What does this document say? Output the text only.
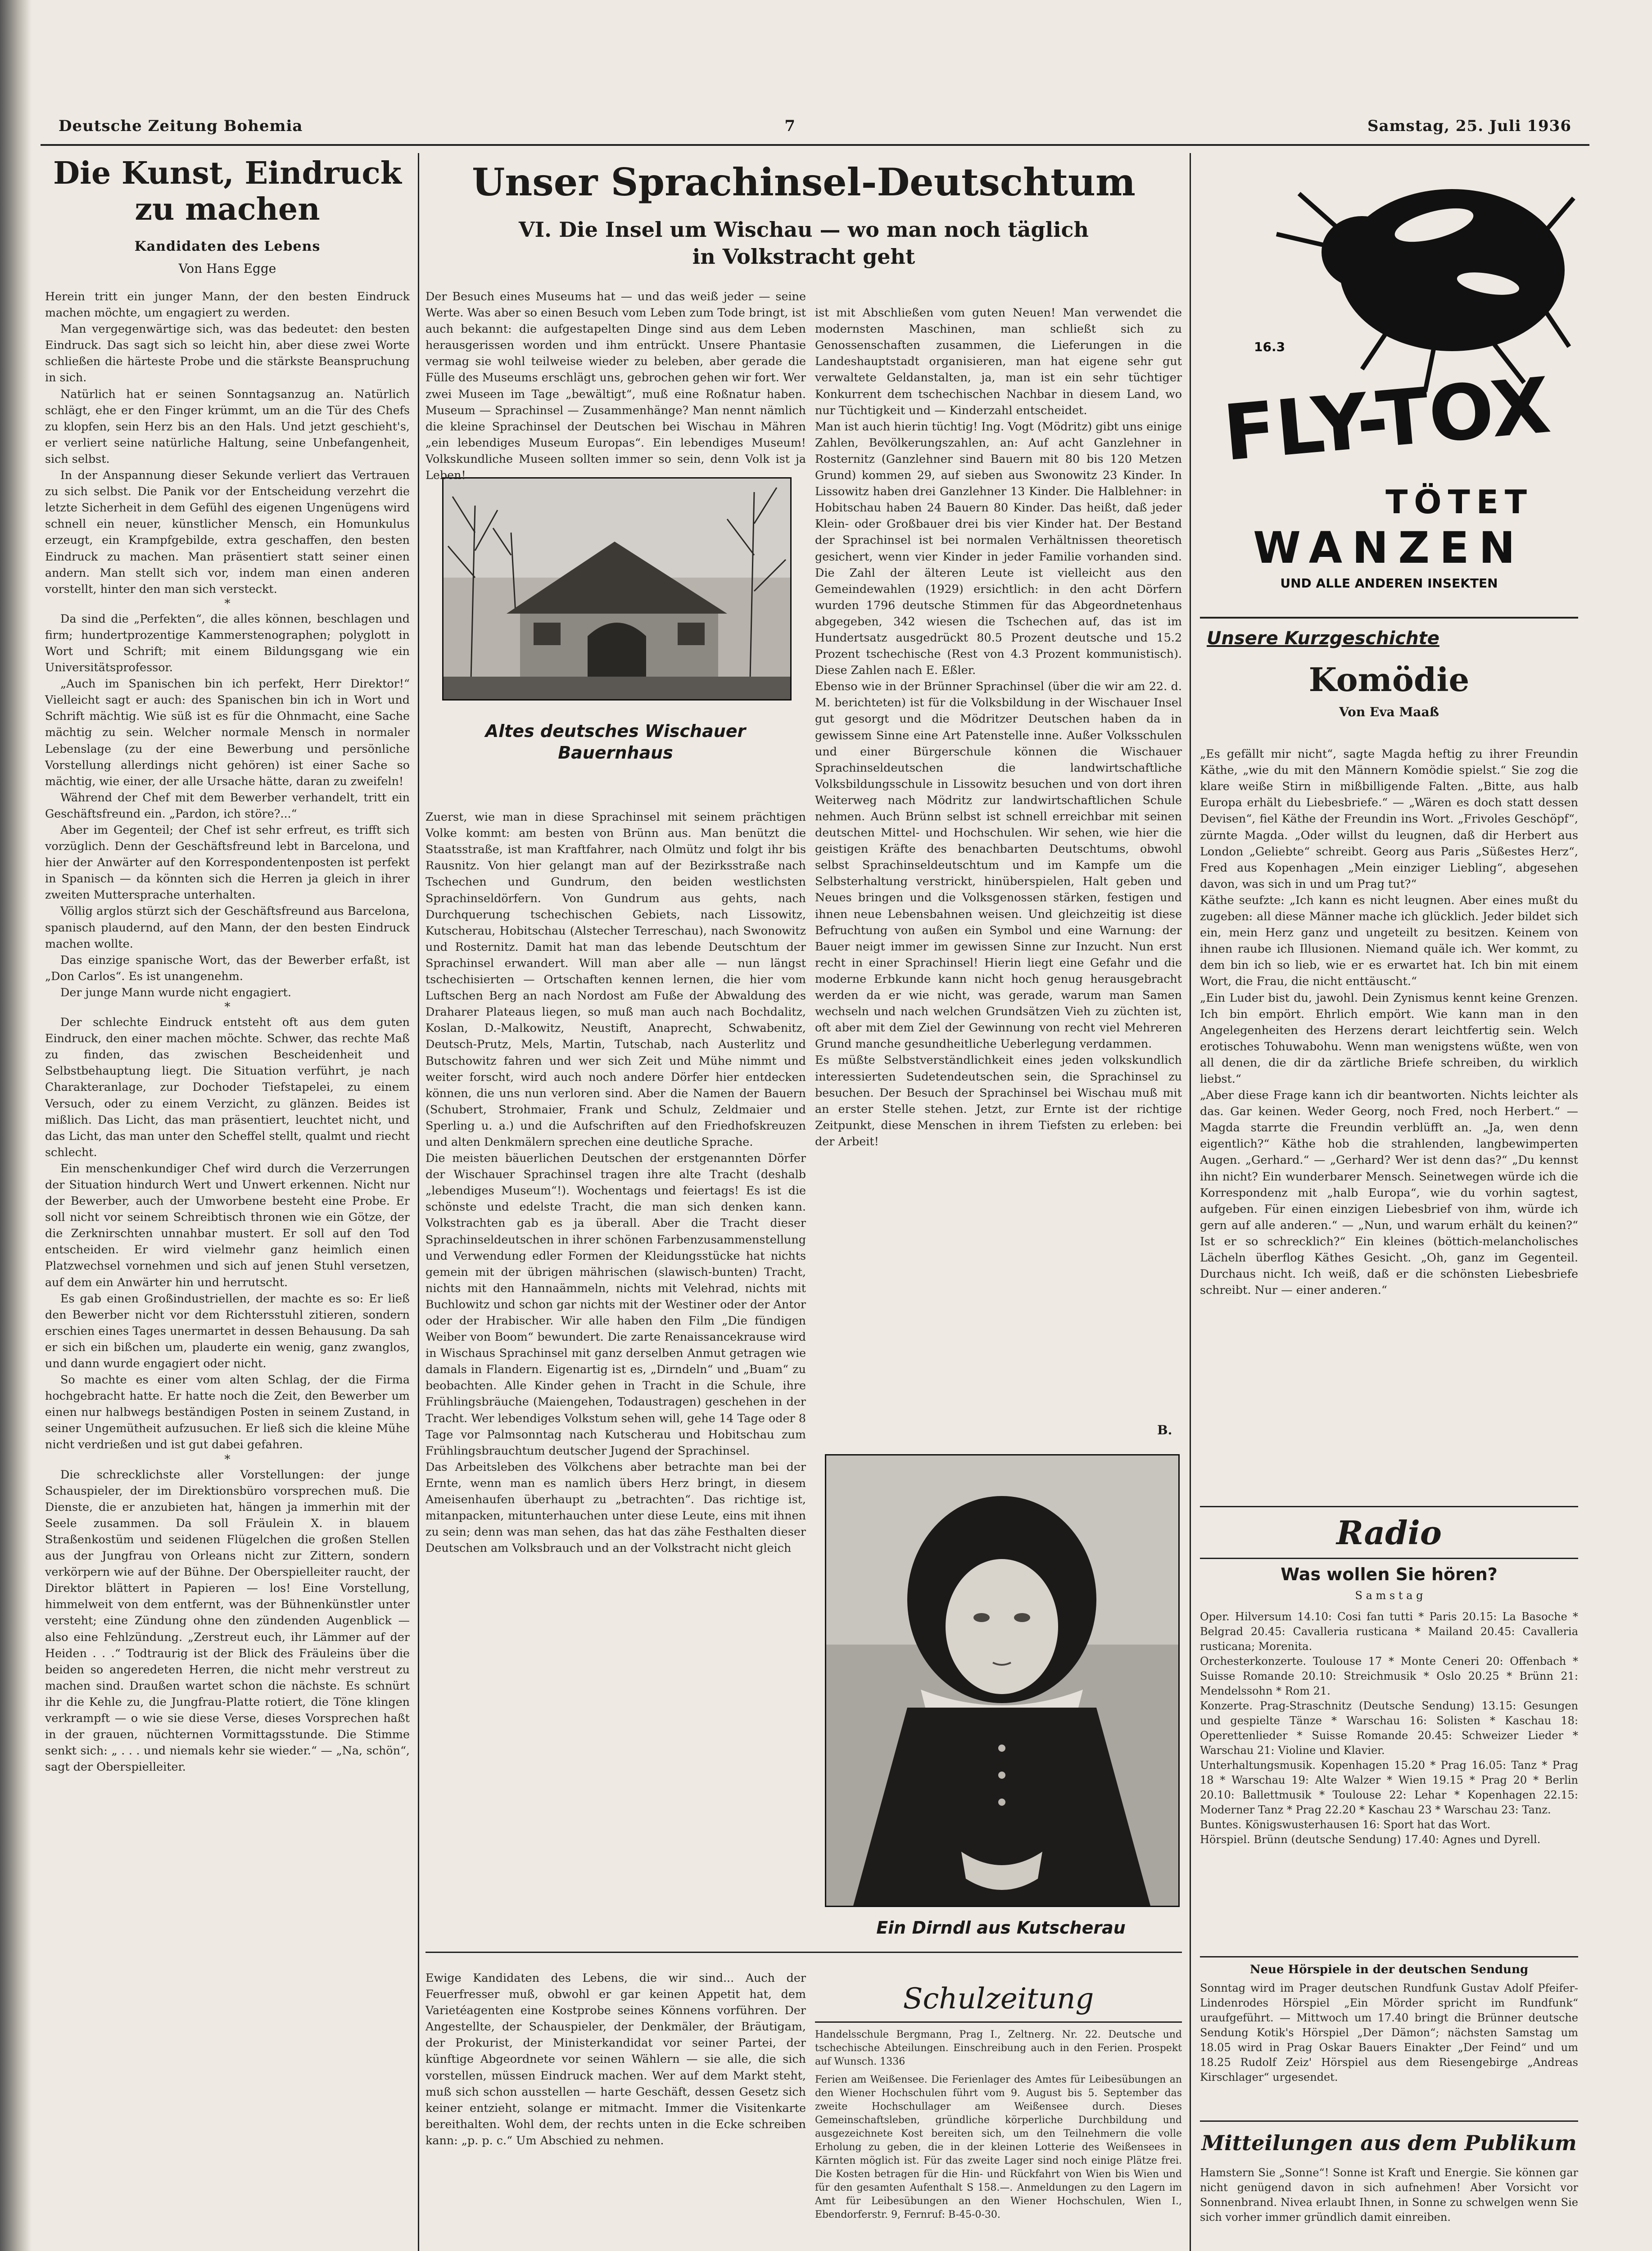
Deutsche Zeitung Bohemia	7	Samstag, 25. Juli 1936
Die Kunst, Eindruck
zu machen
Kandidaten des Lebens
Von Hans Egge

Herein tritt ein junger Mann, der den besten Eindruck machen möchte, um engagiert zu werden.

Man vergegenwärtige sich, was das bedeutet: den besten Eindruck. Das sagt sich so leicht hin, aber diese zwei Worte schließen die härteste Probe und die stärkste Beanspruchung in sich.

Natürlich hat er seinen Sonntagsanzug an. Natürlich schlägt, ehe er den Finger krümmt, um an die Tür des Chefs zu klopfen, sein Herz bis an den Hals. Und jetzt geschieht's, er verliert seine natürliche Haltung, seine Unbefangenheit, sich selbst.

In der Anspannung dieser Sekunde verliert das Vertrauen zu sich selbst. Die Panik vor der Entscheidung verzehrt die letzte Sicherheit in dem Gefühl des eigenen Ungenügens wird schnell ein neuer, künstlicher Mensch, ein Homunkulus erzeugt, ein Krampfgebilde, extra geschaffen, den besten Eindruck zu machen. Man präsentiert statt seiner einen andern. Man stellt sich vor, indem man einen anderen vorstellt, hinter den man sich versteckt.

*

Da sind die „Perfekten“, die alles können, beschlagen und firm; hundertprozentige Kammerstenographen; polyglott in Wort und Schrift; mit einem Bildungsgang wie ein Universitätsprofessor.

„Auch im Spanischen bin ich perfekt, Herr Direktor!“ Vielleicht sagt er auch: des Spanischen bin ich in Wort und Schrift mächtig. Wie süß ist es für die Ohnmacht, eine Sache mächtig zu sein. Welcher normale Mensch in normaler Lebenslage (zu der eine Bewerbung und persönliche Vorstellung allerdings nicht gehören) ist einer Sache so mächtig, wie einer, der alle Ursache hätte, daran zu zweifeln!

Während der Chef mit dem Bewerber verhandelt, tritt ein Geschäftsfreund ein. „Pardon, ich störe?...“

Aber im Gegenteil; der Chef ist sehr erfreut, es trifft sich vorzüglich. Denn der Geschäftsfreund lebt in Barcelona, und hier der Anwärter auf den Korrespondentenposten ist perfekt in Spanisch — da könnten sich die Herren ja gleich in ihrer zweiten Muttersprache unterhalten.

Völlig arglos stürzt sich der Geschäftsfreund aus Barcelona, spanisch plaudernd, auf den Mann, der den besten Eindruck machen wollte.

Das einzige spanische Wort, das der Bewerber erfaßt, ist „Don Carlos“. Es ist unangenehm.

Der junge Mann wurde nicht engagiert.

*

Der schlechte Eindruck entsteht oft aus dem guten Eindruck, den einer machen möchte. Schwer, das rechte Maß zu finden, das zwischen Bescheidenheit und Selbstbehauptung liegt. Die Situation verführt, je nach Charakteranlage, zur Dochoder Tiefstapelei, zu einem Versuch, oder zu einem Verzicht, zu glänzen. Beides ist mißlich. Das Licht, das man präsentiert, leuchtet nicht, und das Licht, das man unter den Scheffel stellt, qualmt und riecht schlecht.

Ein menschenkundiger Chef wird durch die Verzerrungen der Situation hindurch Wert und Unwert erkennen. Nicht nur der Bewerber, auch der Umworbene besteht eine Probe. Er soll nicht vor seinem Schreibtisch thronen wie ein Götze, der die Zerknirschten unnahbar mustert. Er soll auf den Tod entscheiden. Er wird vielmehr ganz heimlich einen Platzwechsel vornehmen und sich auf jenen Stuhl versetzen, auf dem ein Anwärter hin und herrutscht.

Es gab einen Großindustriellen, der machte es so: Er ließ den Bewerber nicht vor dem Richtersstuhl zitieren, sondern erschien eines Tages unermartet in dessen Behausung. Da sah er sich ein bißchen um, plauderte ein wenig, ganz zwanglos, und dann wurde engagiert oder nicht.

So machte es einer vom alten Schlag, der die Firma hochgebracht hatte. Er hatte noch die Zeit, den Bewerber um einen nur halbwegs beständigen Posten in seinem Zustand, in seiner Ungemütheit aufzusuchen. Er ließ sich die kleine Mühe nicht verdrießen und ist gut dabei gefahren.

*

Die schrecklichste aller Vorstellungen: der junge Schauspieler, der im Direktionsbüro vorsprechen muß. Die Dienste, die er anzubieten hat, hängen ja immerhin mit der Seele zusammen. Da soll Fräulein X. in blauem Straßenkostüm und seidenen Flügelchen die großen Stellen aus der Jungfrau von Orleans nicht zur Zittern, sondern verkörpern wie auf der Bühne. Der Oberspielleiter raucht, der Direktor blättert in Papieren — los! Eine Vorstellung, himmelweit von dem entfernt, was der Bühnenkünstler unter versteht; eine Zündung ohne den zündenden Augenblick — also eine Fehlzündung. „Zerstreut euch, ihr Lämmer auf der Heiden . . .“ Todtraurig ist der Blick des Fräuleins über die beiden so angeredeten Herren, die nicht mehr verstreut zu machen sind. Draußen wartet schon die nächste. Es schnürt ihr die Kehle zu, die Jungfrau-Platte rotiert, die Töne klingen verkrampft — o wie sie diese Verse, dieses Vorsprechen haßt in der grauen, nüchternen Vormittagsstunde. Die Stimme senkt sich: „ . . . und niemals kehr sie wieder.“ — „Na, schön“, sagt der Oberspielleiter.

Unser Sprachinsel-Deutschtum
VI. Die Insel um Wischau — wo man noch täglich
in Volkstracht geht
Altes deutsches Wischauer
Bauernhaus

Der Besuch eines Museums hat — und das weiß jeder — seine Werte. Was aber so einen Besuch vom Leben zum Tode bringt, ist auch bekannt: die aufgestapelten Dinge sind aus dem Leben herausgerissen worden und ihm entrückt. Unsere Phantasie vermag sie wohl teilweise wieder zu beleben, aber gerade die Fülle des Museums erschlägt uns, gebrochen gehen wir fort. Wer zwei Museen im Tage „bewältigt“, muß eine Roßnatur haben. Museum — Sprachinsel — Zusammenhänge? Man nennt nämlich die kleine Sprachinsel der Deutschen bei Wischau in Mähren „ein lebendiges Museum Europas“. Ein lebendiges Museum! Volkskundliche Museen sollten immer so sein, denn Volk ist ja Leben!

Zuerst, wie man in diese Sprachinsel mit seinem prächtigen Volke kommt: am besten von Brünn aus. Man benützt die Staatsstraße, ist man Kraftfahrer, nach Olmütz und folgt ihr bis Rausnitz. Von hier gelangt man auf der Bezirksstraße nach Tschechen und Gundrum, den beiden westlichsten Sprachinseldörfern. Von Gundrum aus gehts, nach Durchquerung tschechischen Gebiets, nach Lissowitz, Kutscherau, Hobitschau (Alstecher Terreschau), nach Swonowitz und Rosternitz. Damit hat man das lebende Deutschtum der Sprachinsel erwandert. Will man aber alle — nun längst tschechisierten — Ortschaften kennen lernen, die hier vom Luftschen Berg an nach Nordost am Fuße der Abwaldung des Draharer Plateaus liegen, so muß man auch nach Bochdalitz, Koslan, D.-Malkowitz, Neustift, Anaprecht, Schwabenitz, Deutsch-Prutz, Mels, Martin, Tutschab, nach Austerlitz und Butschowitz fahren und wer sich Zeit und Mühe nimmt und weiter forscht, wird auch noch andere Dörfer hier entdecken können, die uns nun verloren sind. Aber die Namen der Bauern (Schubert, Strohmaier, Frank und Schulz, Zeldmaier und Sperling u. a.) und die Aufschriften auf den Friedhofskreuzen und alten Denkmälern sprechen eine deutliche Sprache.
Die meisten bäuerlichen Deutschen der erstgenannten Dörfer der Wischauer Sprachinsel tragen ihre alte Tracht (deshalb „lebendiges Museum“!). Wochentags und feiertags! Es ist die schönste und edelste Tracht, die man sich denken kann. Volkstrachten gab es ja überall. Aber die Tracht dieser Sprachinseldeutschen in ihrer schönen Farbenzusammenstellung und Verwendung edler Formen der Kleidungsstücke hat nichts gemein mit der übrigen mährischen (slawisch-bunten) Tracht, nichts mit den Hannaämmeln, nichts mit Velehrad, nichts mit Buchlowitz und schon gar nichts mit der Westiner oder der Antor oder der Hrabischer. Wir alle haben den Film „Die fündigen Weiber von Boom“ bewundert. Die zarte Renaissancekrause wird in Wischaus Sprachinsel mit ganz derselben Anmut getragen wie damals in Flandern. Eigenartig ist es, „Dirndeln“ und „Buam“ zu beobachten. Alle Kinder gehen in Tracht in die Schule, ihre Frühlingsbräuche (Maiengehen, Todaustragen) geschehen in der Tracht. Wer lebendiges Volkstum sehen will, gehe 14 Tage oder 8 Tage vor Palmsonntag nach Kutscherau und Hobitschau zum Frühlingsbrauchtum deutscher Jugend der Sprachinsel.
Das Arbeitsleben des Völkchens aber betrachte man bei der Ernte, wenn man es namlich übers Herz bringt, in diesem Ameisenhaufen überhaupt zu „betrachten“. Das richtige ist, mitanpacken, mitunterhauchen unter diese Leute, eins mit ihnen zu sein; denn was man sehen, das hat das zähe Festhalten dieser Deutschen am Volksbrauch und an der Volkstracht nicht gleich

ist mit Abschließen vom guten Neuen! Man verwendet die modernsten Maschinen, man schließt sich zu Genossenschaften zusammen, die Lieferungen in die Landeshauptstadt organisieren, man hat eigene sehr gut verwaltete Geldanstalten, ja, man ist ein sehr tüchtiger Konkurrent dem tschechischen Nachbar in diesem Land, wo nur Tüchtigkeit und — Kinderzahl entscheidet.
Man ist auch hierin tüchtig! Ing. Vogt (Mödritz) gibt uns einige Zahlen, Bevölkerungszahlen, an: Auf acht Ganzlehner in Rosternitz (Ganzlehner sind Bauern mit 80 bis 120 Metzen Grund) kommen 29, auf sieben aus Swonowitz 23 Kinder. In Lissowitz haben drei Ganzlehner 13 Kinder. Die Halblehner: in Hobitschau haben 24 Bauern 80 Kinder. Das heißt, daß jeder Klein- oder Großbauer drei bis vier Kinder hat. Der Bestand der Sprachinsel ist bei normalen Verhältnissen theoretisch gesichert, wenn vier Kinder in jeder Familie vorhanden sind. Die Zahl der älteren Leute ist vielleicht aus den Gemeindewahlen (1929) ersichtlich: in den acht Dörfern wurden 1796 deutsche Stimmen für das Abgeordnetenhaus abgegeben, 342 wiesen die Tschechen auf, das ist im Hundertsatz ausgedrückt 80.5 Prozent deutsche und 15.2 Prozent tschechische (Rest von 4.3 Prozent kommunistisch). Diese Zahlen nach E. Eßler.
Ebenso wie in der Brünner Sprachinsel (über die wir am 22. d. M. berichteten) ist für die Volksbildung in der Wischauer Insel gut gesorgt und die Mödritzer Deutschen haben da in gewissem Sinne eine Art Patenstelle inne. Außer Volksschulen und einer Bürgerschule können die Wischauer Sprachinseldeutschen die landwirtschaftliche Volksbildungsschule in Lissowitz besuchen und von dort ihren Weiterweg nach Mödritz zur landwirtschaftlichen Schule nehmen. Auch Brünn selbst ist schnell erreichbar mit seinen deutschen Mittel- und Hochschulen. Wir sehen, wie hier die geistigen Kräfte des benachbarten Deutschtums, obwohl selbst Sprachinseldeutschtum und im Kampfe um die Selbsterhaltung verstrickt, hinüberspielen, Halt geben und Neues bringen und die Volksgenossen stärken, festigen und ihnen neue Lebensbahnen weisen. Und gleichzeitig ist diese Befruchtung von außen ein Symbol und eine Warnung: der Bauer neigt immer im gewissen Sinne zur Inzucht. Nun erst recht in einer Sprachinsel! Hierin liegt eine Gefahr und die moderne Erbkunde kann nicht hoch genug herausgebracht werden da er wie nicht, was gerade, warum man Samen wechseln und nach welchen Grundsätzen Vieh zu züchten ist, oft aber mit dem Ziel der Gewinnung von recht viel Mehreren Grund manche gesundheitliche Ueberlegung verdammen.
Es müßte Selbstverständlichkeit eines jeden volkskundlich interessierten Sudetendeutschen sein, die Sprachinsel zu besuchen. Der Besuch der Sprachinsel bei Wischau muß mit an erster Stelle stehen. Jetzt, zur Ernte ist der richtige Zeitpunkt, diese Menschen in ihrem Tiefsten zu erleben: bei der Arbeit!

B.
Ein Dirndl aus Kutscherau

Ewige Kandidaten des Lebens, die wir sind... Auch der Feuerfresser muß, obwohl er gar keinen Appetit hat, dem Varietéagenten eine Kostprobe seines Könnens vorführen. Der Angestellte, der Schauspieler, der Denkmäler, der Bräutigam, der Prokurist, der Ministerkandidat vor seiner Partei, der künftige Abgeordnete vor seinen Wählern — sie alle, die sich vorstellen, müssen Eindruck machen. Wer auf dem Markt steht, muß sich schon ausstellen — harte Geschäft, dessen Gesetz sich keiner entzieht, solange er mitmacht. Immer die Visitenkarte bereithalten. Wohl dem, der rechts unten in die Ecke schreiben kann: „p. p. c.“ Um Abschied zu nehmen.

Schulzeitung

Handelsschule Bergmann, Prag I., Zeltnerg. Nr. 22. Deutsche und tschechische Abteilungen. Einschreibung auch in den Ferien. Prospekt auf Wunsch. 1336

Ferien am Weißensee. Die Ferienlager des Amtes für Leibesübungen an den Wiener Hochschulen führt vom 9. August bis 5. September das zweite Hochschullager am Weißensee durch. Dieses Gemeinschaftsleben, gründliche körperliche Durchbildung und ausgezeichnete Kost bereiten sich, um den Teilnehmern die volle Erholung zu geben, die in der kleinen Lotterie des Weißensees in Kärnten möglich ist. Für das zweite Lager sind noch einige Plätze frei. Die Kosten betragen für die Hin- und Rückfahrt von Wien bis Wien und für den gesamten Aufenthalt S 158.—. Anmeldungen zu den Lagern im Amt für Leibesübungen an den Wiener Hochschulen, Wien I., Ebendorferstr. 9, Fernruf: B-45-0-30.

16.3
FLY-TOX
TÖTET
WANZEN
UND ALLE ANDEREN INSEKTEN
Unsere Kurzgeschichte
Komödie
Von Eva Maaß

„Es gefällt mir nicht“, sagte Magda heftig zu ihrer Freundin Käthe, „wie du mit den Männern Komödie spielst.“ Sie zog die klare weiße Stirn in mißbilligende Falten. „Bitte, aus halb Europa erhält du Liebesbriefe.“ — „Wären es doch statt dessen Devisen“, fiel Käthe der Freundin ins Wort. „Frivoles Geschöpf“, zürnte Magda. „Oder willst du leugnen, daß dir Herbert aus London „Geliebte“ schreibt. Georg aus Paris „Süßestes Herz“, Fred aus Kopenhagen „Mein einziger Liebling“, abgesehen davon, was sich in und um Prag tut?“
Käthe seufzte: „Ich kann es nicht leugnen. Aber eines mußt du zugeben: all diese Männer mache ich glücklich. Jeder bildet sich ein, mein Herz ganz und ungeteilt zu besitzen. Keinem von ihnen raube ich Illusionen. Niemand quäle ich. Wer kommt, zu dem bin ich so lieb, wie er es erwartet hat. Ich bin mit einem Wort, die Frau, die nicht enttäuscht.“
„Ein Luder bist du, jawohl. Dein Zynismus kennt keine Grenzen. Ich bin empört. Ehrlich empört. Wie kann man in den Angelegenheiten des Herzens derart leichtfertig sein. Welch erotisches Tohuwabohu. Wenn man wenigstens wüßte, wen von all denen, die dir da zärtliche Briefe schreiben, du wirklich liebst.“
„Aber diese Frage kann ich dir beantworten. Nichts leichter als das. Gar keinen. Weder Georg, noch Fred, noch Herbert.“ — Magda starrte die Freundin verblüfft an. „Ja, wen denn eigentlich?“ Käthe hob die strahlenden, langbewimperten Augen. „Gerhard.“ — „Gerhard? Wer ist denn das?“ „Du kennst ihn nicht? Ein wunderbarer Mensch. Seinetwegen würde ich die Korrespondenz mit „halb Europa“, wie du vorhin sagtest, aufgeben. Für einen einzigen Liebesbrief von ihm, würde ich gern auf alle anderen.“ — „Nun, und warum erhält du keinen?“ Ist er so schrecklich?“ Ein kleines (böttich-melancholisches Lächeln überflog Käthes Gesicht. „Oh, ganz im Gegenteil. Durchaus nicht. Ich weiß, daß er die schönsten Liebesbriefe schreibt. Nur — einer anderen.“

Radio
Was wollen Sie hören?
S a m s t a g

Oper. Hilversum 14.10: Cosi fan tutti * Paris 20.15: La Basoche * Belgrad 20.45: Cavalleria rusticana * Mailand 20.45: Cavalleria rusticana; Morenita.

Orchesterkonzerte. Toulouse 17 * Monte Ceneri 20: Offenbach * Suisse Romande 20.10: Streichmusik * Oslo 20.25 * Brünn 21: Mendelssohn * Rom 21.

Konzerte. Prag-Straschnitz (Deutsche Sendung) 13.15: Gesungen und gespielte Tänze * Warschau 16: Solisten * Kaschau 18: Operettenlieder * Suisse Romande 20.45: Schweizer Lieder * Warschau 21: Violine und Klavier.

Unterhaltungsmusik. Kopenhagen 15.20 * Prag 16.05: Tanz * Prag 18 * Warschau 19: Alte Walzer * Wien 19.15 * Prag 20 * Berlin 20.10: Ballettmusik * Toulouse 22: Lehar * Kopenhagen 22.15: Moderner Tanz * Prag 22.20 * Kaschau 23 * Warschau 23: Tanz.

Buntes. Königswusterhausen 16: Sport hat das Wort.

Hörspiel. Brünn (deutsche Sendung) 17.40: Agnes und Dyrell.

Neue Hörspiele in der deutschen Sendung
Sonntag wird im Prager deutschen Rundfunk Gustav Adolf Pfeifer-Lindenrodes Hörspiel „Ein Mörder spricht im Rundfunk“ uraufgeführt. — Mittwoch um 17.40 bringt die Brünner deutsche Sendung Kotik's Hörspiel „Der Dämon“; nächsten Samstag um 18.05 wird in Prag Oskar Bauers Einakter „Der Feind“ und um 18.25 Rudolf Zeiz' Hörspiel aus dem Riesengebirge „Andreas Kirschlager“ urgesendet.
Mitteilungen aus dem Publikum
Hamstern Sie „Sonne“! Sonne ist Kraft und Energie. Sie können gar nicht genügend davon in sich aufnehmen! Aber Vorsicht vor Sonnenbrand. Nivea erlaubt Ihnen, in Sonne zu schwelgen wenn Sie sich vorher immer gründlich damit einreiben.
